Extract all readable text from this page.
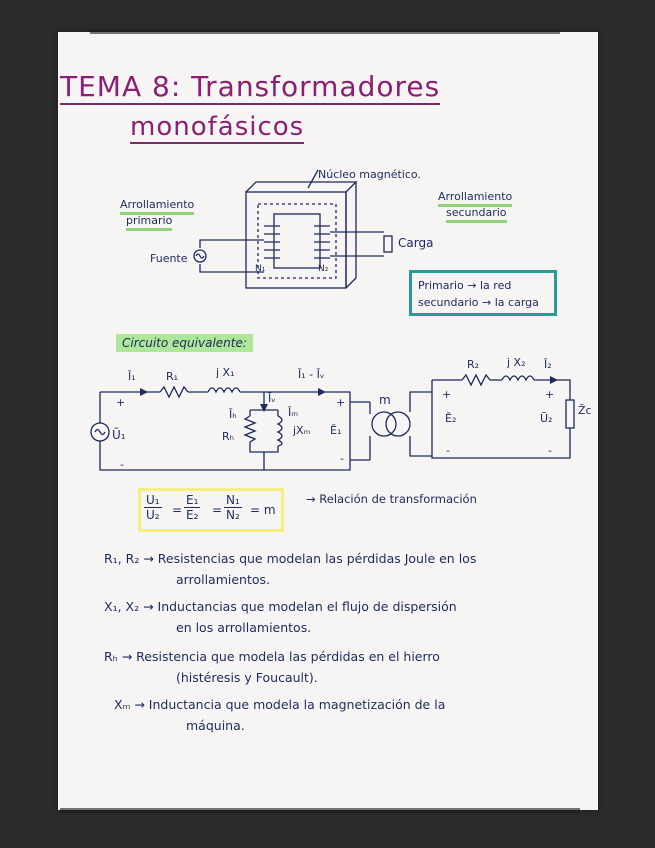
TEMA 8: Transformadores
monofásicos
Núcleo magnético.
Arrollamiento
primario
Arrollamiento
secundario
Fuente
Carga
N₁	N₂
Primario → la red
secundario → la carga
Circuito equivalente:
Ī₁	R₁	j X₁	Ī₁ - Īᵥ
Īᵥ
Īₕ	Īₘ
Rₕ	jXₘ Ē₁
Ū₁
m
R₂	j X₂ Ī₂
Ē₂	Ū₂
Z̄c
+
-
+
-
+
-
+
-
$\frac{\text{U₁}}{\text{U₂}} = \frac{\text{E₁}}{\text{E₂}} = \frac{\text{N₁}}{\text{N₂}} = m$
→ Relación de transformación
R₁, R₂ → Resistencias que modelan las pérdidas Joule en los
arrollamientos.
X₁, X₂ → Inductancias que modelan el flujo de dispersión
en los arrollamientos.
Rₕ → Resistencia que modela las pérdidas en el hierro
(histéresis y Foucault).
Xₘ → Inductancia que modela la magnetización de la
máquina.
